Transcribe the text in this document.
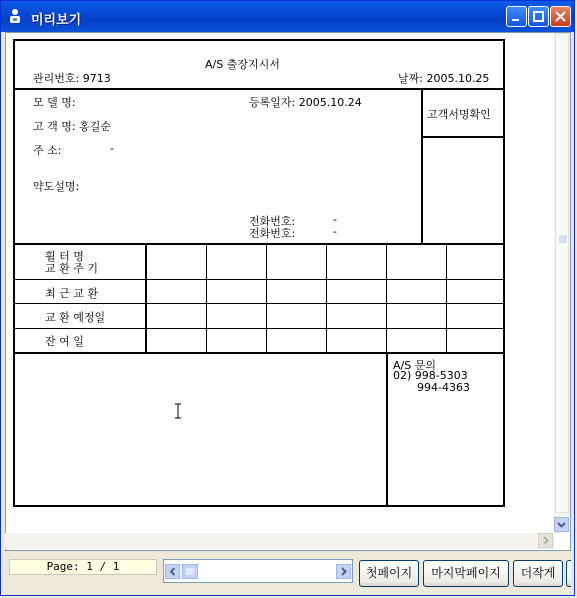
미리보기
A/S 출장지시서
관리번호: 9713	날짜: 2005.10.25
모 델 명:	등록일자: 2005.10.24
고 객 명: 홍길순
주 소:	-
약도설명:
전화번호:	-
전화번호:	-
고객서명확인
휠 터 명
교 환 주 기
최 근 교 환
교 환 예정일
잔 여 일
A/S 문의
02) 998-5303
994-4363
Page: 1 / 1	첫페이지	마지막페이지	더작게
